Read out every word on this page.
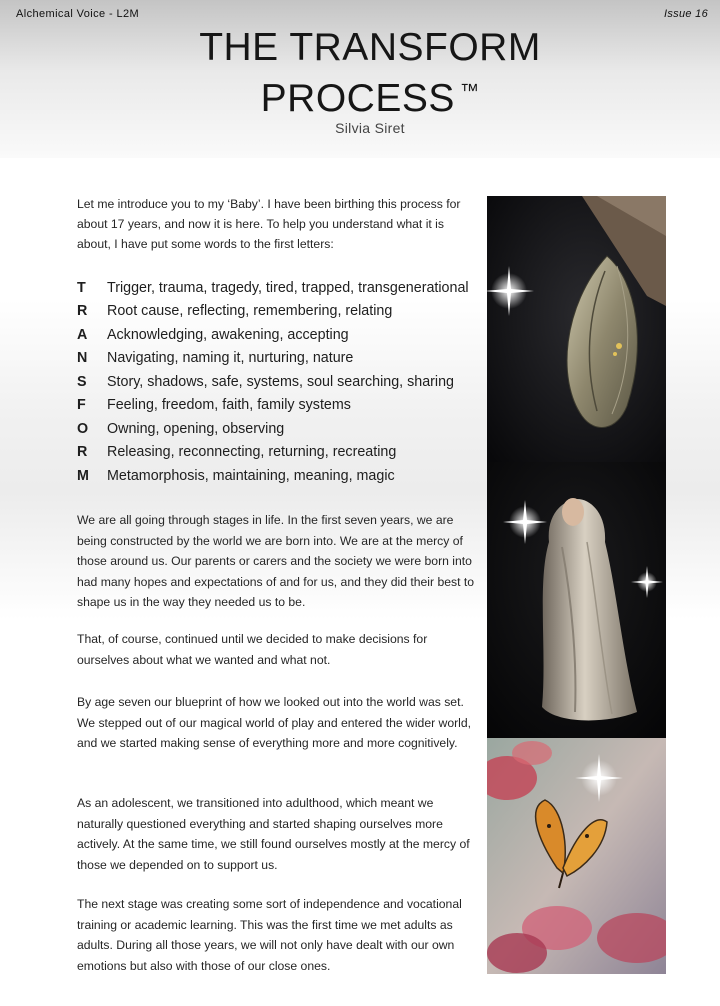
Alchemical Voice - L2M	Issue 16
THE TRANSFORM
PROCESS ™
Silvia Siret
Let me introduce you to my ‘Baby’. I have been birthing this process for about 17 years, and now it is here. To help you understand what it is about, I have put some words to the first letters:
T	Trigger, trauma, tragedy, tired, trapped, transgenerational
R	Root cause, reflecting, remembering, relating
A	Acknowledging, awakening, accepting
N	Navigating, naming it, nurturing, nature
S	Story, shadows, safe, systems, soul searching, sharing
F	Feeling, freedom, faith, family systems
O	Owning, opening, observing
R	Releasing, reconnecting, returning, recreating
M	Metamorphosis, maintaining, meaning, magic

We are all going through stages in life. In the first seven years, we are being constructed by the world we are born into. We are at the mercy of those around us. Our parents or carers and the society we were born into had many hopes and expectations of and for us, and they did their best to shape us in the way they needed us to be.

That, of course, continued until we decided to make decisions for ourselves about what we wanted and what not.

By age seven our blueprint of how we looked out into the world was set. We stepped out of our magical world of play and entered the wider world, and we started making sense of everything more and more cognitively.

As an adolescent, we transitioned into adulthood, which meant we naturally questioned everything and started shaping ourselves more actively. At the same time, we still found ourselves mostly at the mercy of those we depended on to support us.

The next stage was creating some sort of independence and vocational training or academic learning. This was the first time we met adults as adults. During all those years, we will not only have dealt with our own emotions but also with those of our close ones.
